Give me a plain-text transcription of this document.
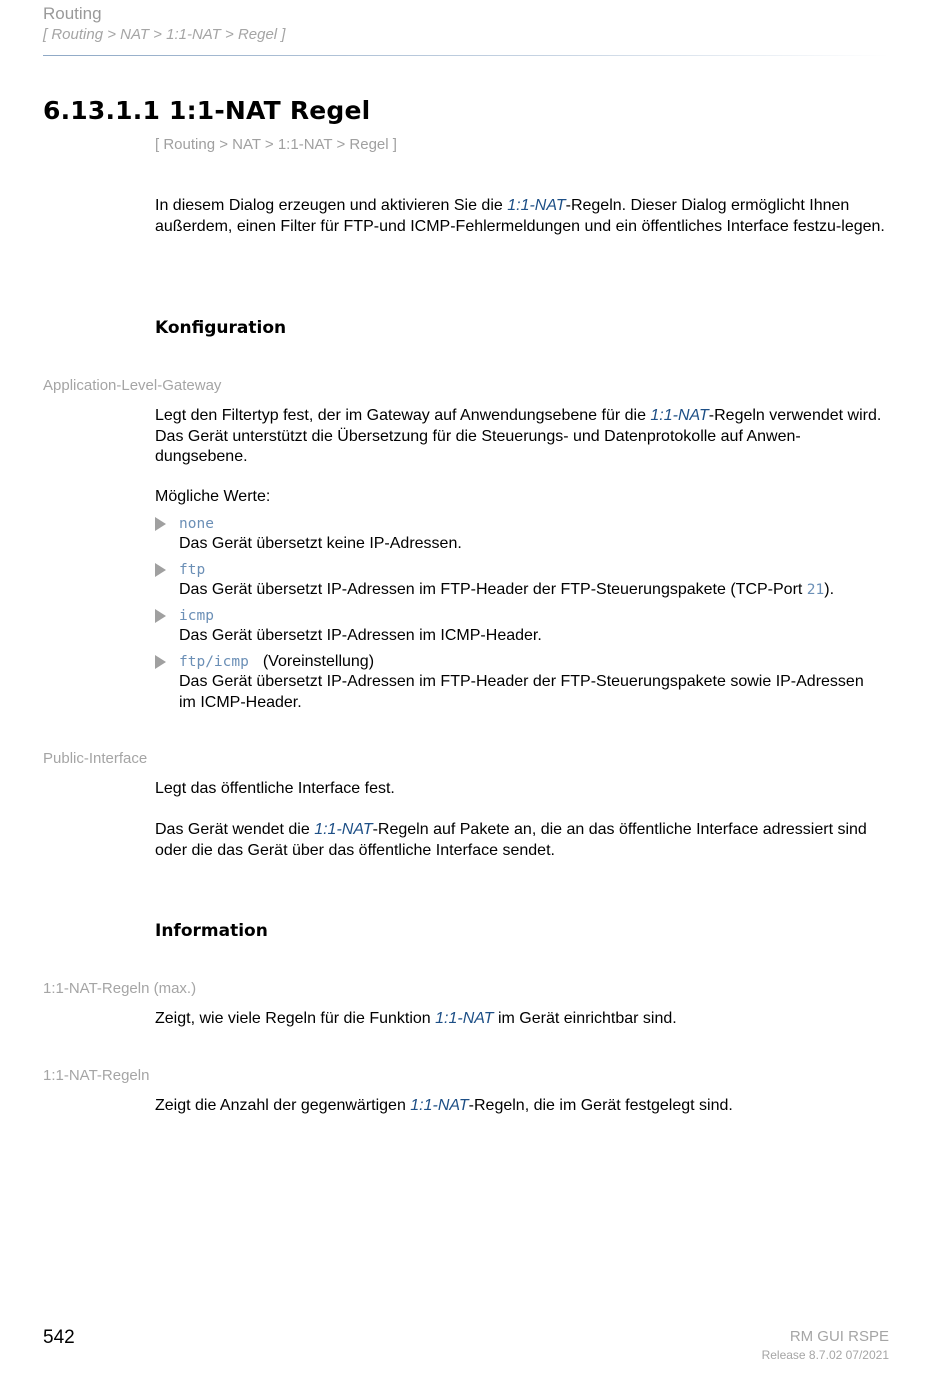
Routing
[ Routing > NAT > 1:1-NAT > Regel ]
6.13.1.1 1:1-NAT Regel
[ Routing > NAT > 1:1-NAT > Regel ]
In diesem Dialog erzeugen und aktivieren Sie die 1:1-NAT-Regeln. Dieser Dialog ermöglicht Ihnen außerdem, einen Filter für FTP-und ICMP-Fehlermeldungen und ein öffentliches Interface festzu-legen.
Konfiguration
Application-Level-Gateway
Legt den Filtertyp fest, der im Gateway auf Anwendungsebene für die 1:1-NAT-Regeln verwendet wird. Das Gerät unterstützt die Übersetzung für die Steuerungs- und Datenprotokolle auf Anwen-dungsebene.
Mögliche Werte:
none
Das Gerät übersetzt keine IP-Adressen.
ftp
Das Gerät übersetzt IP-Adressen im FTP-Header der FTP-Steuerungspakete (TCP-Port 21).
icmp
Das Gerät übersetzt IP-Adressen im ICMP-Header.
ftp/icmp (Voreinstellung)
Das Gerät übersetzt IP-Adressen im FTP-Header der FTP-Steuerungspakete sowie IP-Adressen im ICMP-Header.
Public-Interface
Legt das öffentliche Interface fest.
Das Gerät wendet die 1:1-NAT-Regeln auf Pakete an, die an das öffentliche Interface adressiert sind oder die das Gerät über das öffentliche Interface sendet.
Information
1:1-NAT-Regeln (max.)
Zeigt, wie viele Regeln für die Funktion 1:1-NAT im Gerät einrichtbar sind.
1:1-NAT-Regeln
Zeigt die Anzahl der gegenwärtigen 1:1-NAT-Regeln, die im Gerät festgelegt sind.
542	RM GUI RSPE
Release 8.7.02 07/2021
